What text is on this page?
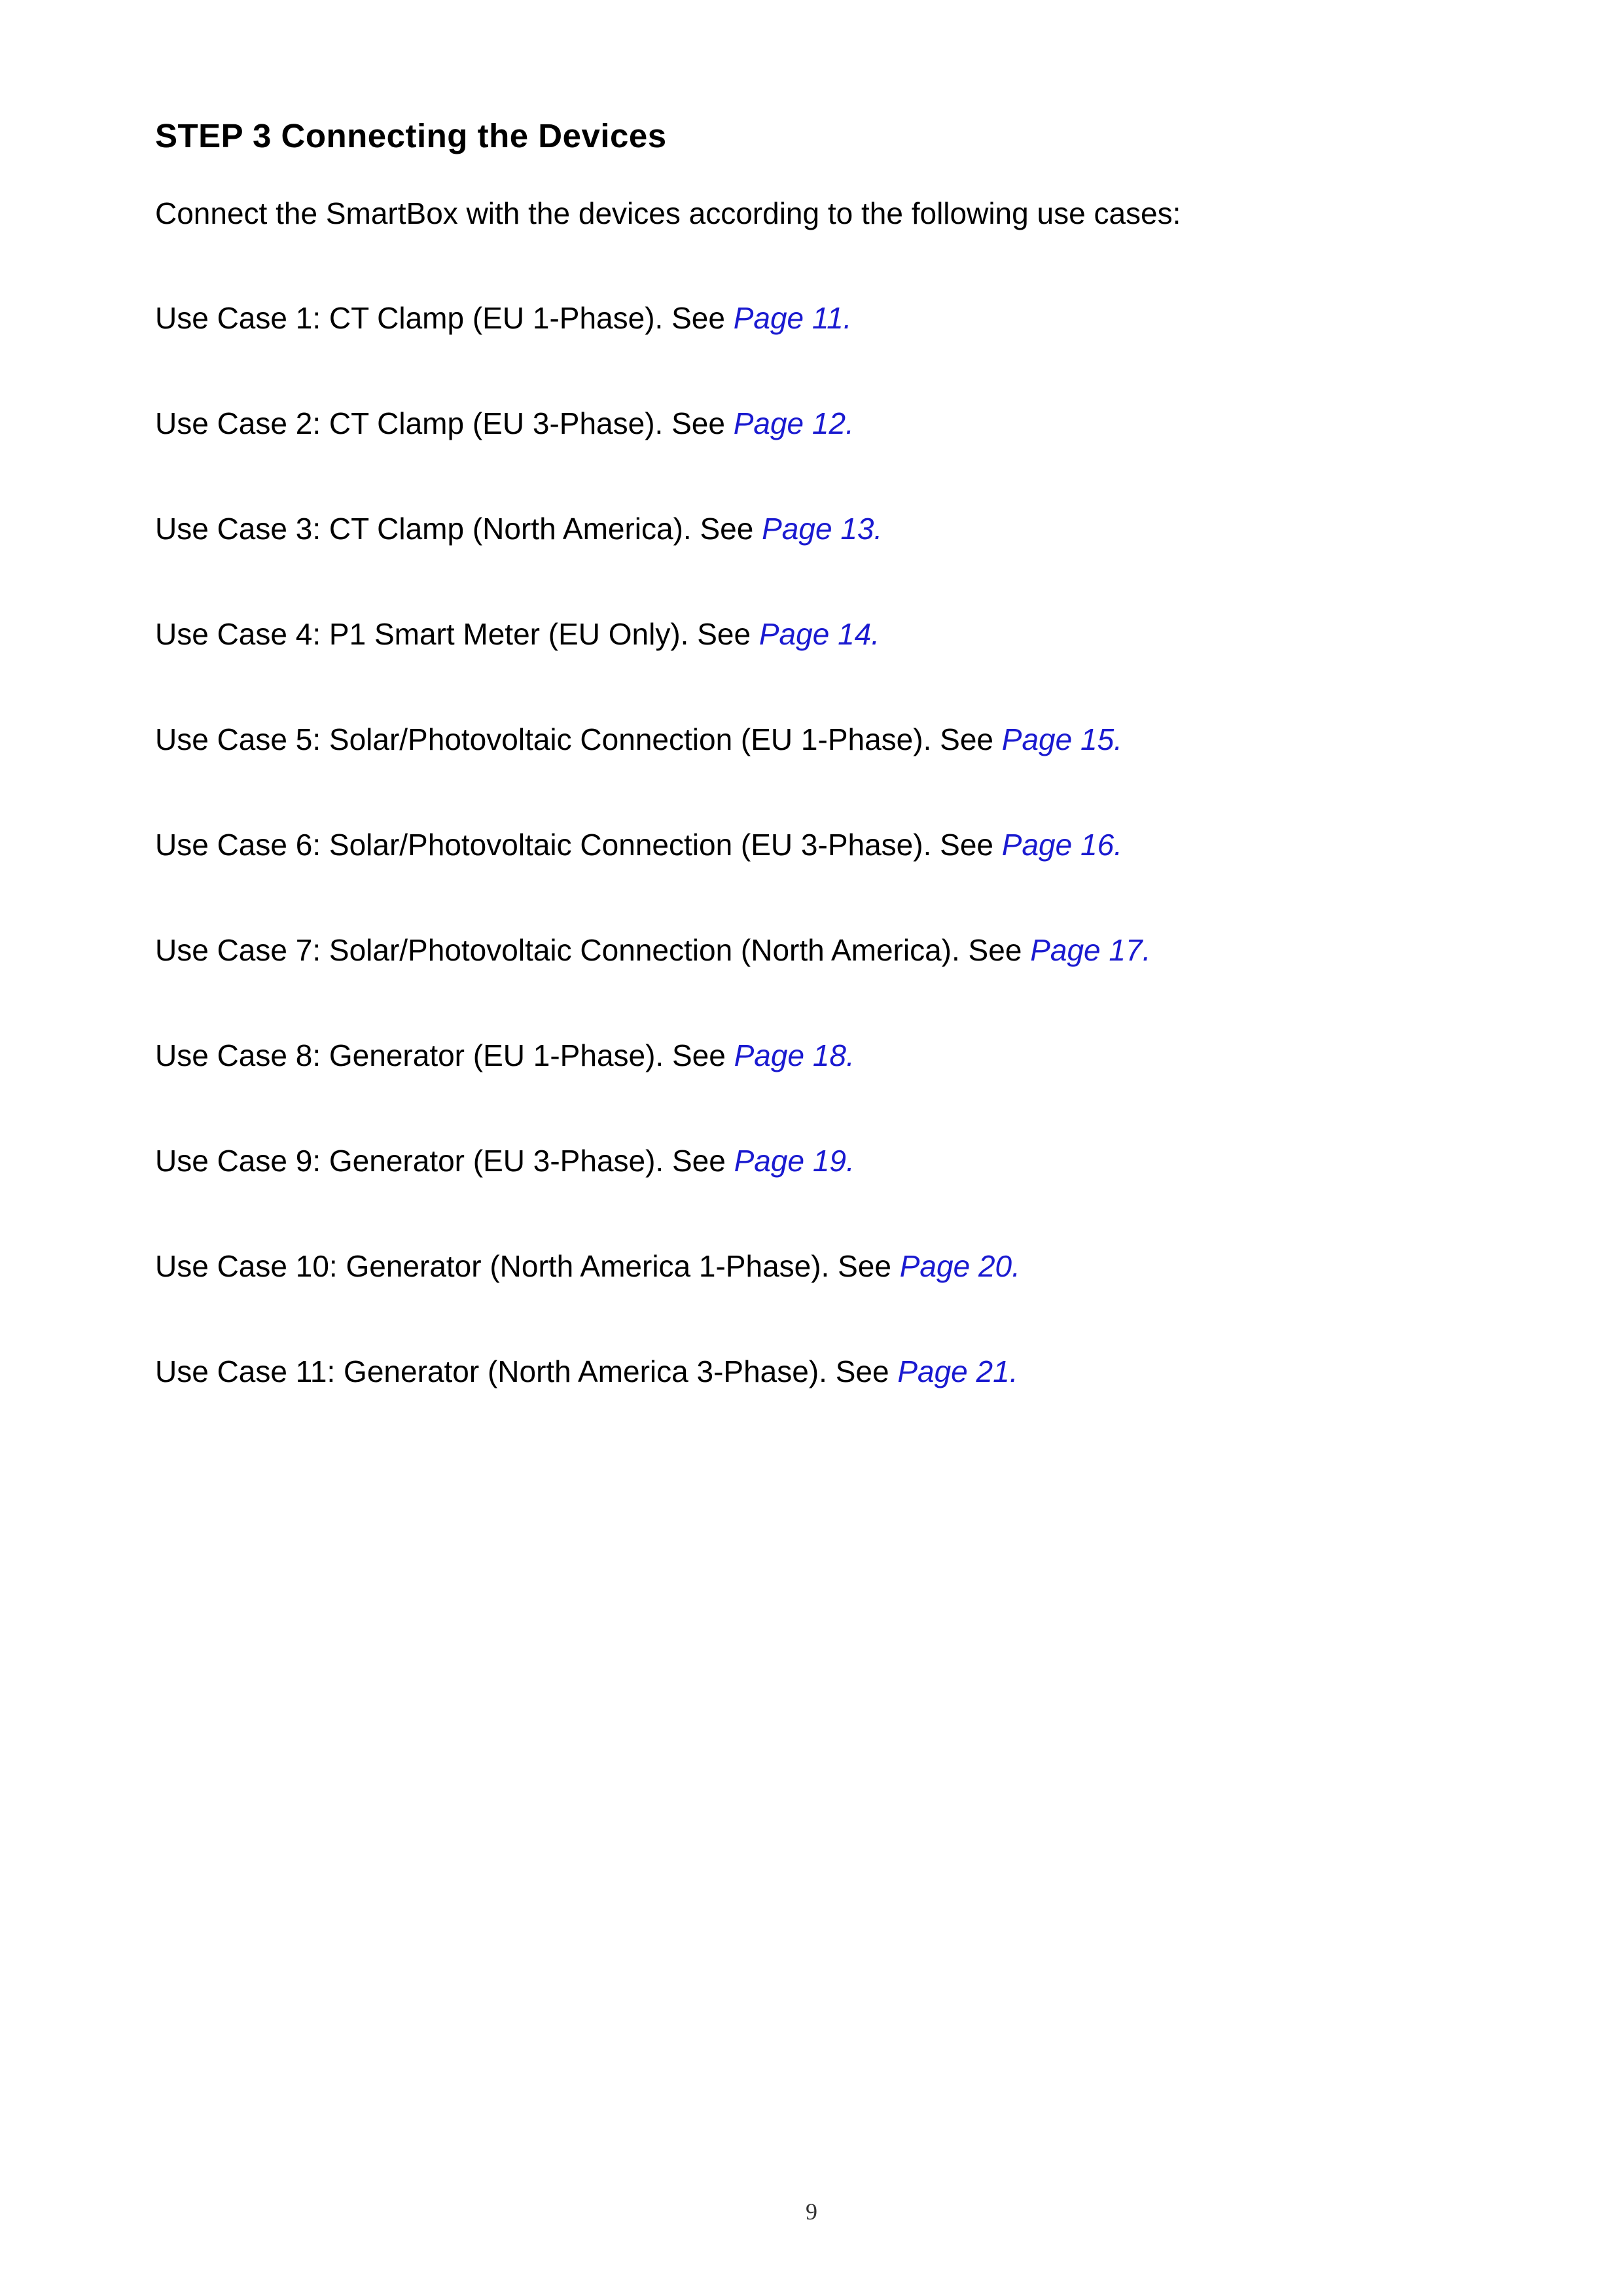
STEP 3 Connecting the Devices

Connect the SmartBox with the devices according to the following use cases:

Use Case 1: CT Clamp (EU 1-Phase). See Page 11.
Use Case 2: CT Clamp (EU 3-Phase). See Page 12.
Use Case 3: CT Clamp (North America). See Page 13.
Use Case 4: P1 Smart Meter (EU Only). See Page 14.
Use Case 5: Solar/Photovoltaic Connection (EU 1-Phase). See Page 15.
Use Case 6: Solar/Photovoltaic Connection (EU 3-Phase). See Page 16.
Use Case 7: Solar/Photovoltaic Connection (North America). See Page 17.
Use Case 8: Generator (EU 1-Phase). See Page 18.
Use Case 9: Generator (EU 3-Phase). See Page 19.
Use Case 10: Generator (North America 1-Phase). See Page 20.
Use Case 11: Generator (North America 3-Phase). See Page 21.
9
